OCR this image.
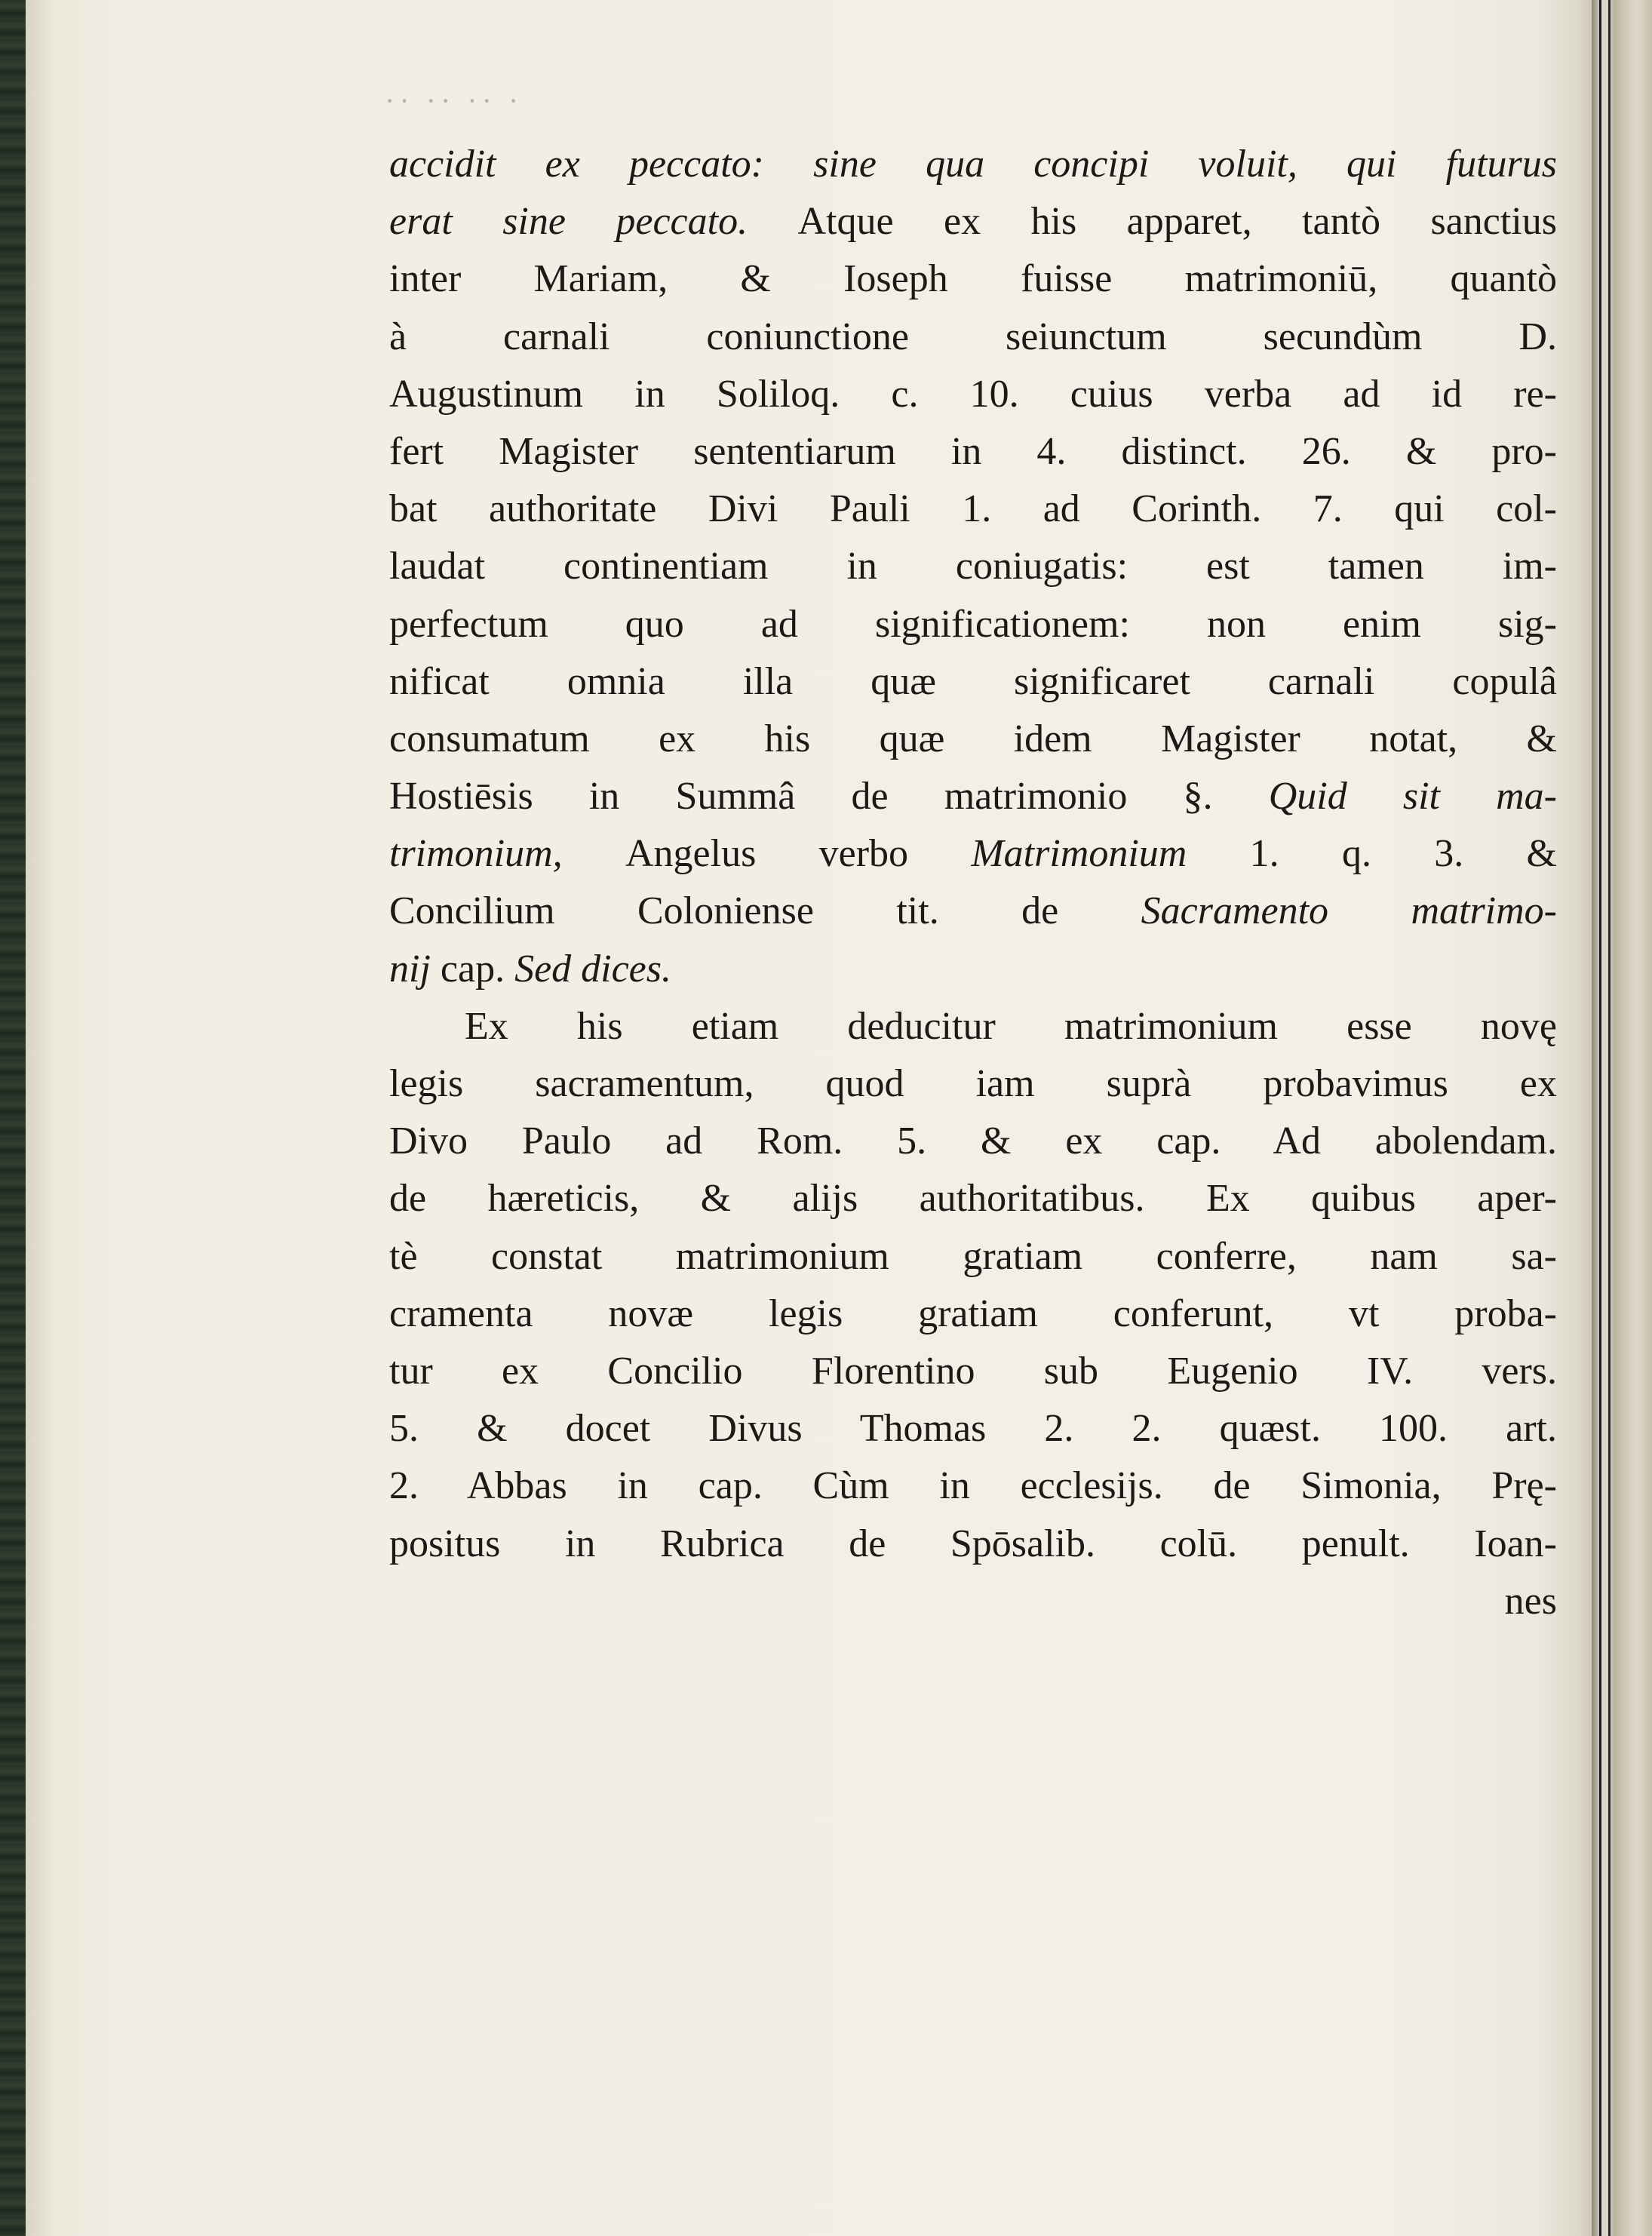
·· ·· ·· ·
accidit ex peccato: sine qua concipi voluit, qui futurus
erat sine peccato. Atque ex his apparet, tantò sanctius
inter Mariam, & Ioseph fuisse matrimoniū, quantò
à carnali coniunctione seiunctum secundùm D.
Augustinum in Soliloq. c. 10. cuius verba ad id re-
fert Magister sententiarum in 4. distinct. 26. & pro-
bat authoritate Divi Pauli 1. ad Corinth. 7. qui col-
laudat continentiam in coniugatis: est tamen im-
perfectum quo ad significationem: non enim sig-
nificat omnia illa quæ significaret carnali copulâ
consumatum ex his quæ idem Magister notat, &
Hostiēsis in Summâ de matrimonio §. Quid sit ma-
trimonium, Angelus verbo Matrimonium 1. q. 3. &
Concilium Coloniense tit. de Sacramento matrimo-
nij cap. Sed dices.
Ex his etiam deducitur matrimonium esse novę
legis sacramentum, quod iam suprà probavimus ex
Divo Paulo ad Rom. 5. & ex cap. Ad abolendam.
de hæreticis, & alijs authoritatibus. Ex quibus aper-
tè constat matrimonium gratiam conferre, nam sa-
cramenta novæ legis gratiam conferunt, vt proba-
tur ex Concilio Florentino sub Eugenio IV. vers.
5. & docet Divus Thomas 2. 2. quæst. 100. art.
2. Abbas in cap. Cùm in ecclesijs. de Simonia, Prę-
positus in Rubrica de Spōsalib. colū. penult. Ioan-
nes
